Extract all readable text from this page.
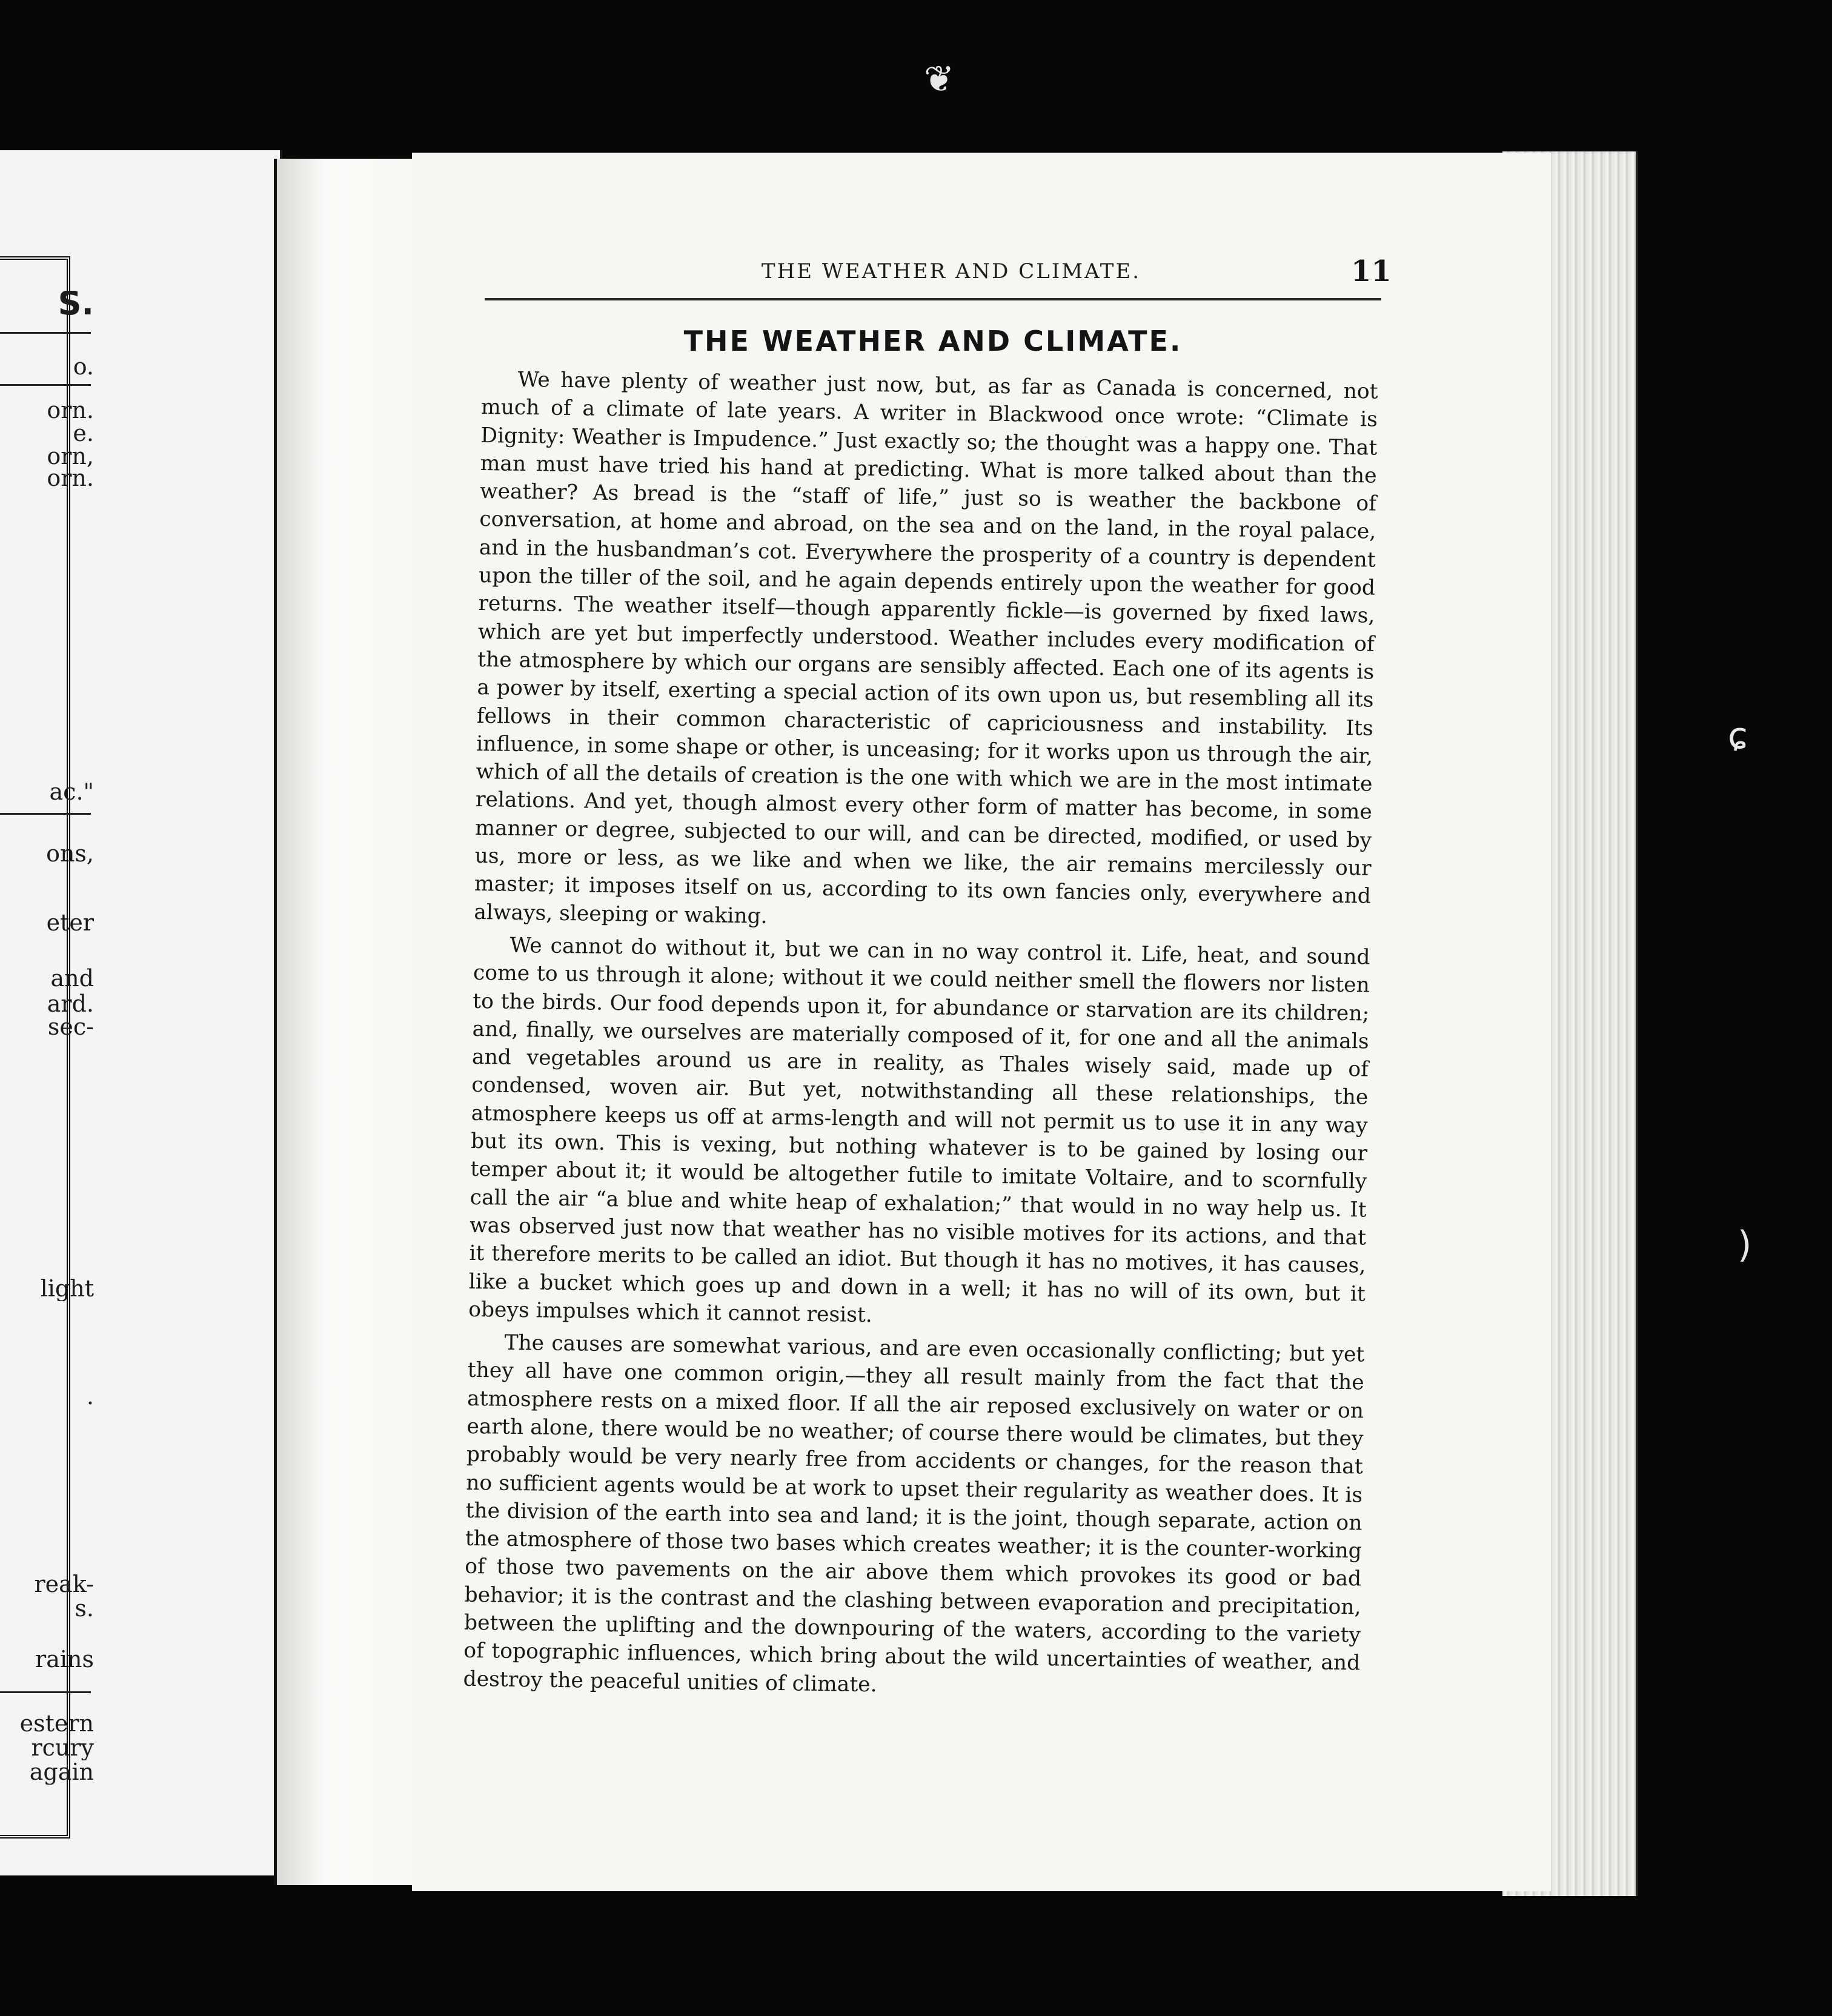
S.
o.
orn.
e.
orn,
orn.
ac."
ons,
eter
and
ard.
sec-
light
.
reak-
s.
rains
estern
rcury
again
THE WEATHER AND CLIMATE.	11
THE WEATHER AND CLIMATE.

We have plenty of weather just now, but, as far as Canada is concerned, not much of a climate of late years. A writer in Blackwood once wrote: “Climate is Dignity: Weather is Impudence.” Just exactly so; the thought was a happy one. That man must have tried his hand at predicting. What is more talked about than the weather? As bread is the “staff of life,” just so is weather the backbone of conversation, at home and abroad, on the sea and on the land, in the royal palace, and in the husbandman’s cot. Everywhere the prosperity of a country is dependent upon the tiller of the soil, and he again depends entirely upon the weather for good returns. The weather itself—though apparently fickle—is governed by fixed laws, which are yet but imperfectly understood. Weather includes every modification of the atmosphere by which our organs are sensibly affected. Each one of its agents is a power by itself, exerting a special action of its own upon us, but resembling all its fellows in their common characteristic of capriciousness and instability. Its influence, in some shape or other, is unceasing; for it works upon us through the air, which of all the details of creation is the one with which we are in the most intimate relations. And yet, though almost every other form of matter has become, in some manner or degree, subjected to our will, and can be directed, modified, or used by us, more or less, as we like and when we like, the air remains mercilessly our master; it imposes itself on us, according to its own fancies only, everywhere and always, sleeping or waking.

We cannot do without it, but we can in no way control it. Life, heat, and sound come to us through it alone; without it we could neither smell the flowers nor listen to the birds. Our food depends upon it, for abundance or starvation are its children; and, finally, we ourselves are materially composed of it, for one and all the animals and vegetables around us are in reality, as Thales wisely said, made up of condensed, woven air. But yet, notwithstanding all these relationships, the atmosphere keeps us off at arms-length and will not permit us to use it in any way but its own. This is vexing, but nothing whatever is to be gained by losing our temper about it; it would be altogether futile to imitate Voltaire, and to scornfully call the air “a blue and white heap of exhalation;” that would in no way help us. It was observed just now that weather has no visible motives for its actions, and that it therefore merits to be called an idiot. But though it has no motives, it has causes, like a bucket which goes up and down in a well; it has no will of its own, but it obeys impulses which it cannot resist.

The causes are somewhat various, and are even occasionally conflicting; but yet they all have one common origin,—they all result mainly from the fact that the atmosphere rests on a mixed floor. If all the air reposed exclusively on water or on earth alone, there would be no weather; of course there would be climates, but they probably would be very nearly free from accidents or changes, for the reason that no sufficient agents would be at work to upset their regularity as weather does. It is the division of the earth into sea and land; it is the joint, though separate, action on the atmosphere of those two bases which creates weather; it is the counter-working of those two pavements on the air above them which provokes its good or bad behavior; it is the contrast and the clashing between evaporation and precipitation, between the uplifting and the downpouring of the waters, according to the variety of topographic influences, which bring about the wild uncertainties of weather, and destroy the peaceful unities of climate.

❦
ɕ
)
